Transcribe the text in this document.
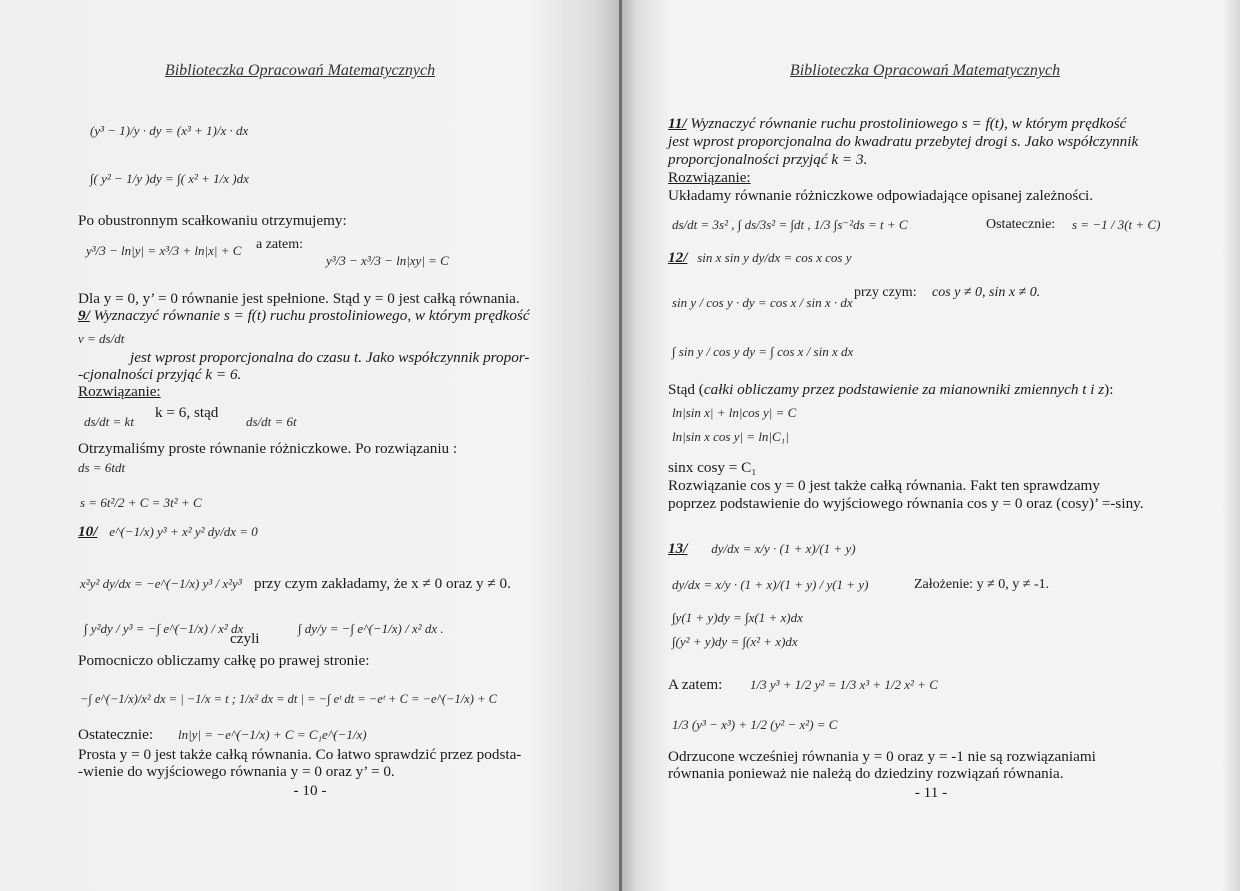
Biblioteczka Opracowań Matematycznych
(y³ − 1)/y · dy = (x³ + 1)/x · dx
∫( y² − 1/y )dy = ∫( x² + 1/x )dx
Po obustronnym scałkowaniu otrzymujemy:
y³/3 − ln|y| = x³/3 + ln|x| + C a zatem:
y³/3 − x³/3 − ln|xy| = C
Dla y = 0, y’ = 0 równanie jest spełnione. Stąd y = 0 jest całką równania.
9/ Wyznaczyć równanie s = f(t) ruchu prostoliniowego, w którym prędkość
v = ds/dt
jest wprost proporcjonalna do czasu t. Jako współczynnik propor-
-cjonalności przyjąć k = 6.
Rozwiązanie:
ds/dt = kt
k = 6, stąd
ds/dt = 6t
Otrzymaliśmy proste równanie różniczkowe. Po rozwiązaniu :
ds = 6tdt
s = 6t²/2 + C = 3t² + C
10/ e^(−1/x) y³ + x² y² dy/dx = 0
x²y² dy/dx = −e^(−1/x) y³ / x²y³ przy czym zakładamy, że x ≠ 0 oraz y ≠ 0.
∫ y²dy / y³ = −∫ e^(−1/x) / x² dx
czyli
∫ dy/y = −∫ e^(−1/x) / x² dx .
Pomocniczo obliczamy całkę po prawej stronie:
−∫ e^(−1/x)/x² dx = | −1/x = t ; 1/x² dx = dt | = −∫ eᵗ dt = −eᵗ + C = −e^(−1/x) + C
Ostatecznie: ln|y| = −e^(−1/x) + C = C₁e^(−1/x)
Prosta y = 0 jest także całką równania. Co łatwo sprawdzić przez podsta-
-wienie do wyjściowego równania y = 0 oraz y’ = 0.
- 10 -
Biblioteczka Opracowań Matematycznych
11/ Wyznaczyć równanie ruchu prostoliniowego s = f(t), w którym prędkość
jest wprost proporcjonalna do kwadratu przebytej drogi s. Jako współczynnik
proporcjonalności przyjąć k = 3.
Rozwiązanie:
Układamy równanie różniczkowe odpowiadające opisanej zależności.
ds/dt = 3s² , ∫ ds/3s² = ∫dt , 1/3 ∫s⁻²ds = t + C	Ostatecznie: s = −1 / 3(t + C)
12/ sin x sin y dy/dx = cos x cos y
sin y / cos y · dy = cos x / sin x · dx
przy czym: cos y ≠ 0, sin x ≠ 0.
∫ sin y / cos y dy = ∫ cos x / sin x dx
Stąd (całki obliczamy przez podstawienie za mianowniki zmiennych t i z):
ln|sin x| + ln|cos y| = C
ln|sin x cos y| = ln|C₁|
sinx cosy = C₁
Rozwiązanie cos y = 0 jest także całką równania. Fakt ten sprawdzamy
poprzez podstawienie do wyjściowego równania cos y = 0 oraz (cosy)’ =-siny.
13/ dy/dx = x/y · (1 + x)/(1 + y)
dy/dx = x/y · (1 + x)/(1 + y) / y(1 + y)	Założenie: y ≠ 0, y ≠ -1.
∫y(1 + y)dy = ∫x(1 + x)dx
∫(y² + y)dy = ∫(x² + x)dx
A zatem: 1/3 y³ + 1/2 y² = 1/3 x³ + 1/2 x² + C
1/3 (y³ − x³) + 1/2 (y² − x²) = C
Odrzucone wcześniej równania y = 0 oraz y = -1 nie są rozwiązaniami
równania ponieważ nie należą do dziedziny rozwiązań równania.
- 11 -
